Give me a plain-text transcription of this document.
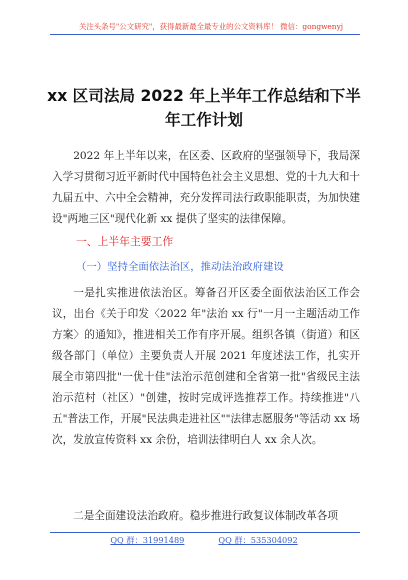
关注头条号"公文研究"，获得最新最全最专业的公文资料库！ 微信：gongwenyj
xx 区司法局 2022 年上半年工作总结和下半
年工作计划

2022 年上半年以来，在区委、区政府的坚强领导下，我局深入学习贯彻习近平新时代中国特色社会主义思想、党的十九大和十九届五中、六中全会精神，充分发挥司法行政职能职责，为加快建设"两地三区"现代化新 xx 提供了坚实的法律保障。

一、上半年主要工作

（一）坚持全面依法治区，推动法治政府建设

一是扎实推进依法治区。筹备召开区委全面依法治区工作会议，出台《关于印发〈2022 年"法治 xx 行"一月一主题活动工作方案〉的通知》，推进相关工作有序开展。组织各镇（街道）和区级各部门（单位）主要负责人开展 2021 年度述法工作，扎实开展全市第四批"一优十佳"法治示范创建和全省第一批"省级民主法治示范村（社区）"创建，按时完成评选推荐工作。持续推进"八五"普法工作，开展"民法典走进社区""法律志愿服务"等活动 xx 场次，发放宣传资料 xx 余份，培训法律明白人 xx 余人次。

二是全面建设法治政府。稳步推进行政复议体制改革各项

QQ 群：31991489	QQ 群：535304092
